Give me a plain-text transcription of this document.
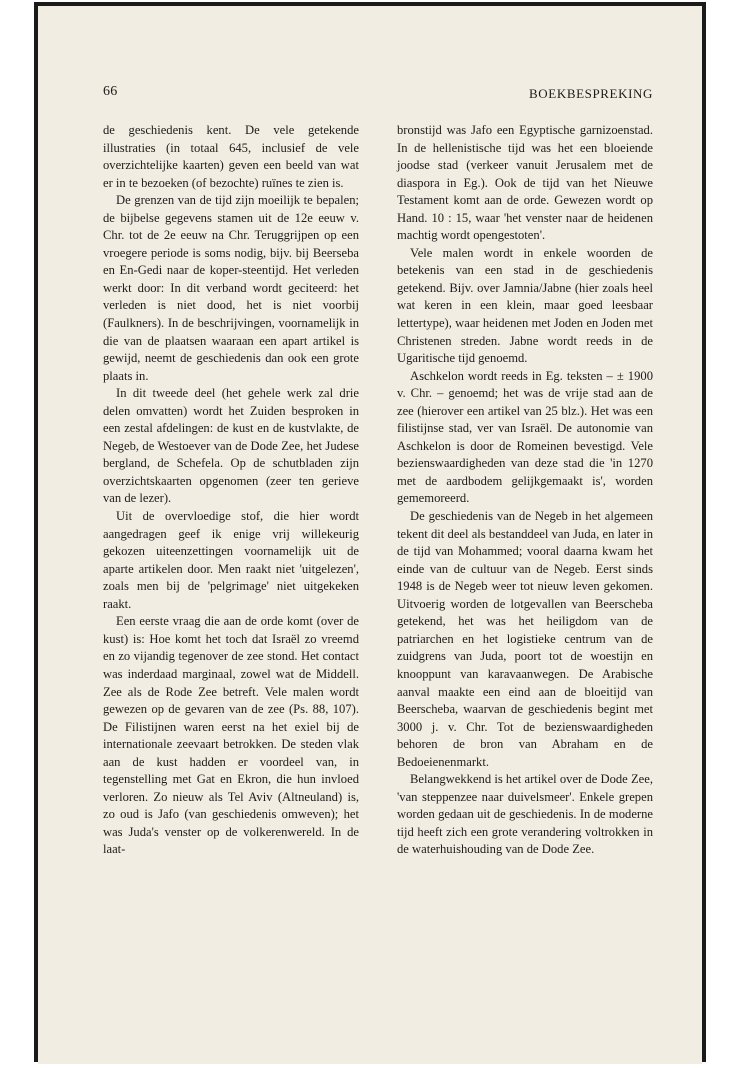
66	BOEKBESPREKING

de geschiedenis kent. De vele getekende illustraties (in totaal 645, inclusief de vele overzichtelijke kaarten) geven een beeld van wat er in te bezoeken (of bezochte) ruïnes te zien is.

De grenzen van de tijd zijn moeilijk te bepalen; de bijbelse gegevens stamen uit de 12e eeuw v. Chr. tot de 2e eeuw na Chr. Teruggrijpen op een vroegere periode is soms nodig, bijv. bij Beerseba en En-Gedi naar de koper-steentijd. Het verleden werkt door: In dit verband wordt geciteerd: het verleden is niet dood, het is niet voorbij (Faulkners). In de beschrijvingen, voornamelijk in die van de plaatsen waaraan een apart artikel is gewijd, neemt de geschiedenis dan ook een grote plaats in.

In dit tweede deel (het gehele werk zal drie delen omvatten) wordt het Zuiden besproken in een zestal afdelingen: de kust en de kustvlakte, de Negeb, de Westoever van de Dode Zee, het Judese bergland, de Schefela. Op de schutbladen zijn overzichtskaarten opgenomen (zeer ten gerieve van de lezer).

Uit de overvloedige stof, die hier wordt aangedragen geef ik enige vrij willekeurig gekozen uiteenzettingen voornamelijk uit de aparte artikelen door. Men raakt niet 'uitgelezen', zoals men bij de 'pelgrimage' niet uitgekeken raakt.

Een eerste vraag die aan de orde komt (over de kust) is: Hoe komt het toch dat Israël zo vreemd en zo vijandig tegenover de zee stond. Het contact was inderdaad marginaal, zowel wat de Middell. Zee als de Rode Zee betreft. Vele malen wordt gewezen op de gevaren van de zee (Ps. 88, 107). De Filistijnen waren eerst na het exiel bij de internationale zeevaart betrokken. De steden vlak aan de kust hadden er voordeel van, in tegenstelling met Gat en Ekron, die hun invloed verloren. Zo nieuw als Tel Aviv (Altneuland) is, zo oud is Jafo (van geschiedenis omweven); het was Juda's venster op de volkerenwereld. In de laat-

bronstijd was Jafo een Egyptische garnizoenstad. In de hellenistische tijd was het een bloeiende joodse stad (verkeer vanuit Jerusalem met de diaspora in Eg.). Ook de tijd van het Nieuwe Testament komt aan de orde. Gewezen wordt op Hand. 10 : 15, waar 'het venster naar de heidenen machtig wordt opengestoten'.

Vele malen wordt in enkele woorden de betekenis van een stad in de geschiedenis getekend. Bijv. over Jamnia/Jabne (hier zoals heel wat keren in een klein, maar goed leesbaar lettertype), waar heidenen met Joden en Joden met Christenen streden. Jabne wordt reeds in de Ugaritische tijd genoemd.

Aschkelon wordt reeds in Eg. teksten – ± 1900 v. Chr. – genoemd; het was de vrije stad aan de zee (hierover een artikel van 25 blz.). Het was een filistijnse stad, ver van Israël. De autonomie van Aschkelon is door de Romeinen bevestigd. Vele bezienswaardigheden van deze stad die 'in 1270 met de aardbodem gelijkgemaakt is', worden gememoreerd.

De geschiedenis van de Negeb in het algemeen tekent dit deel als bestanddeel van Juda, en later in de tijd van Mohammed; vooral daarna kwam het einde van de cultuur van de Negeb. Eerst sinds 1948 is de Negeb weer tot nieuw leven gekomen. Uitvoerig worden de lotgevallen van Beerscheba getekend, het was het heiligdom van de patriarchen en het logistieke centrum van de zuidgrens van Juda, poort tot de woestijn en knooppunt van karavaanwegen. De Arabische aanval maakte een eind aan de bloeitijd van Beerscheba, waarvan de geschiedenis begint met 3000 j. v. Chr. Tot de bezienswaardigheden behoren de bron van Abraham en de Bedoeienenmarkt.

Belangwekkend is het artikel over de Dode Zee, 'van steppenzee naar duivelsmeer'. Enkele grepen worden gedaan uit de geschiedenis. In de moderne tijd heeft zich een grote verandering voltrokken in de waterhuishouding van de Dode Zee.
